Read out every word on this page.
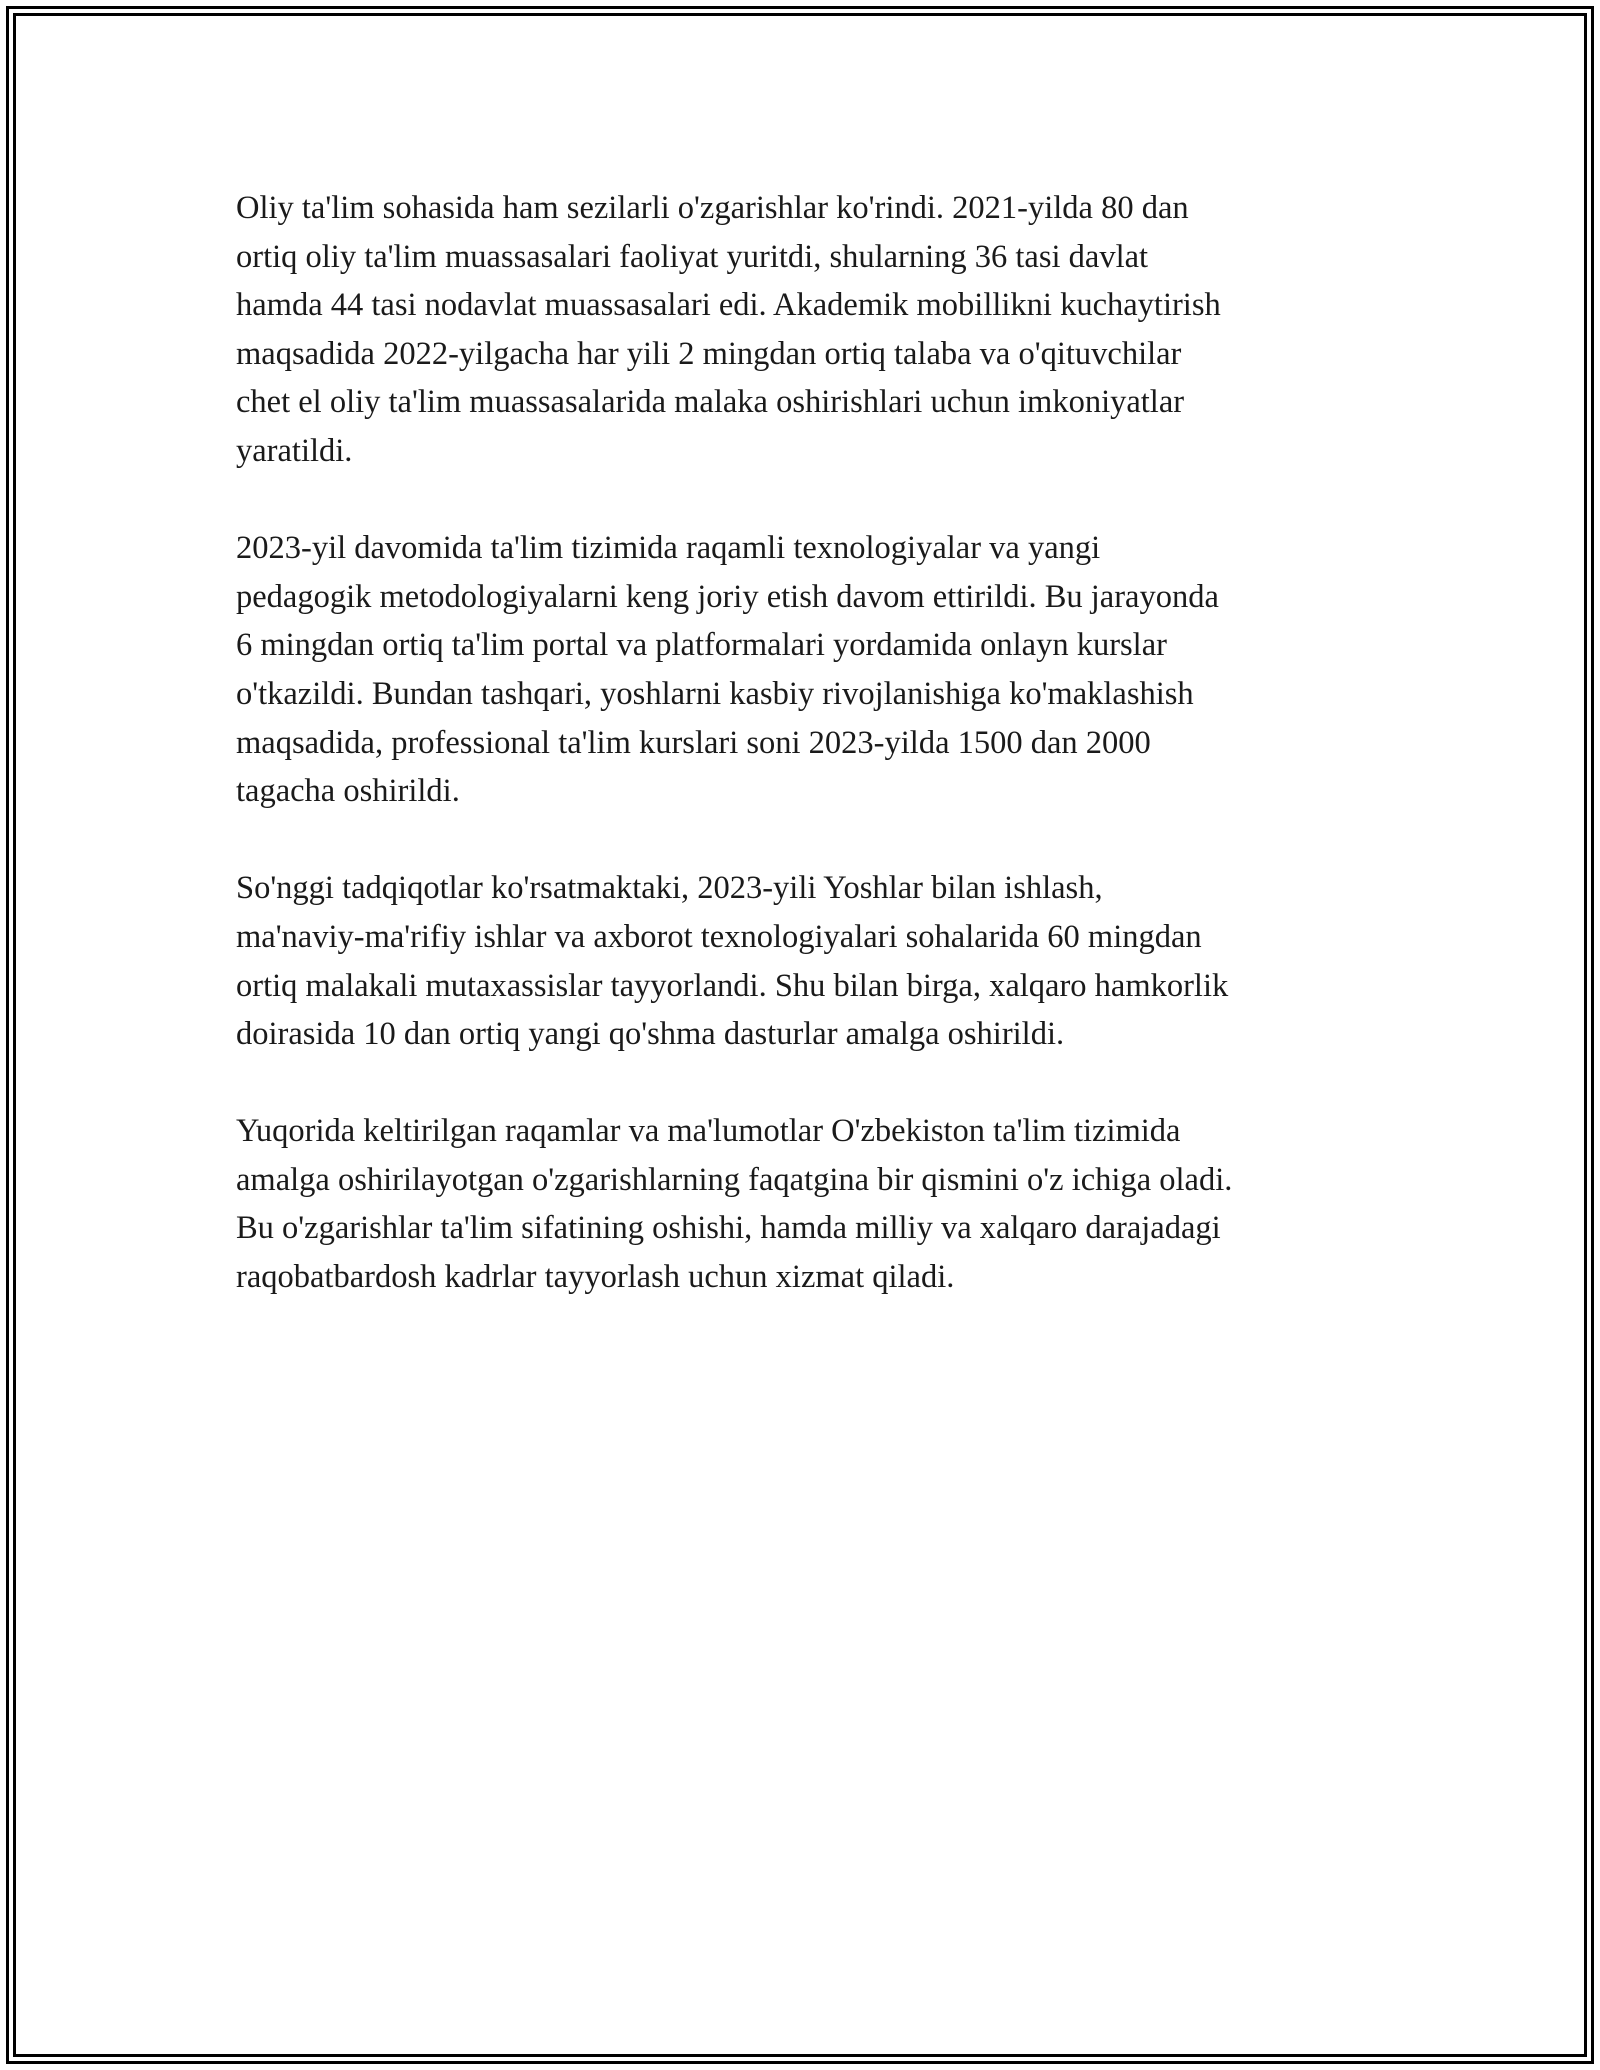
Oliy ta'lim sohasida ham sezilarli o'zgarishlar ko'rindi. 2021-yilda 80 dan
ortiq oliy ta'lim muassasalari faoliyat yuritdi, shularning 36 tasi davlat
hamda 44 tasi nodavlat muassasalari edi. Akademik mobillikni kuchaytirish
maqsadida 2022-yilgacha har yili 2 mingdan ortiq talaba va o'qituvchilar
chet el oliy ta'lim muassasalarida malaka oshirishlari uchun imkoniyatlar
yaratildi.

2023-yil davomida ta'lim tizimida raqamli texnologiyalar va yangi
pedagogik metodologiyalarni keng joriy etish davom ettirildi. Bu jarayonda
6 mingdan ortiq ta'lim portal va platformalari yordamida onlayn kurslar
o'tkazildi. Bundan tashqari, yoshlarni kasbiy rivojlanishiga ko'maklashish
maqsadida, professional ta'lim kurslari soni 2023-yilda 1500 dan 2000
tagacha oshirildi.

So'nggi tadqiqotlar ko'rsatmaktaki, 2023-yili Yoshlar bilan ishlash,
ma'naviy-ma'rifiy ishlar va axborot texnologiyalari sohalarida 60 mingdan
ortiq malakali mutaxassislar tayyorlandi. Shu bilan birga, xalqaro hamkorlik
doirasida 10 dan ortiq yangi qo'shma dasturlar amalga oshirildi.

Yuqorida keltirilgan raqamlar va ma'lumotlar O'zbekiston ta'lim tizimida
amalga oshirilayotgan o'zgarishlarning faqatgina bir qismini o'z ichiga oladi.
Bu o'zgarishlar ta'lim sifatining oshishi, hamda milliy va xalqaro darajadagi
raqobatbardosh kadrlar tayyorlash uchun xizmat qiladi.
